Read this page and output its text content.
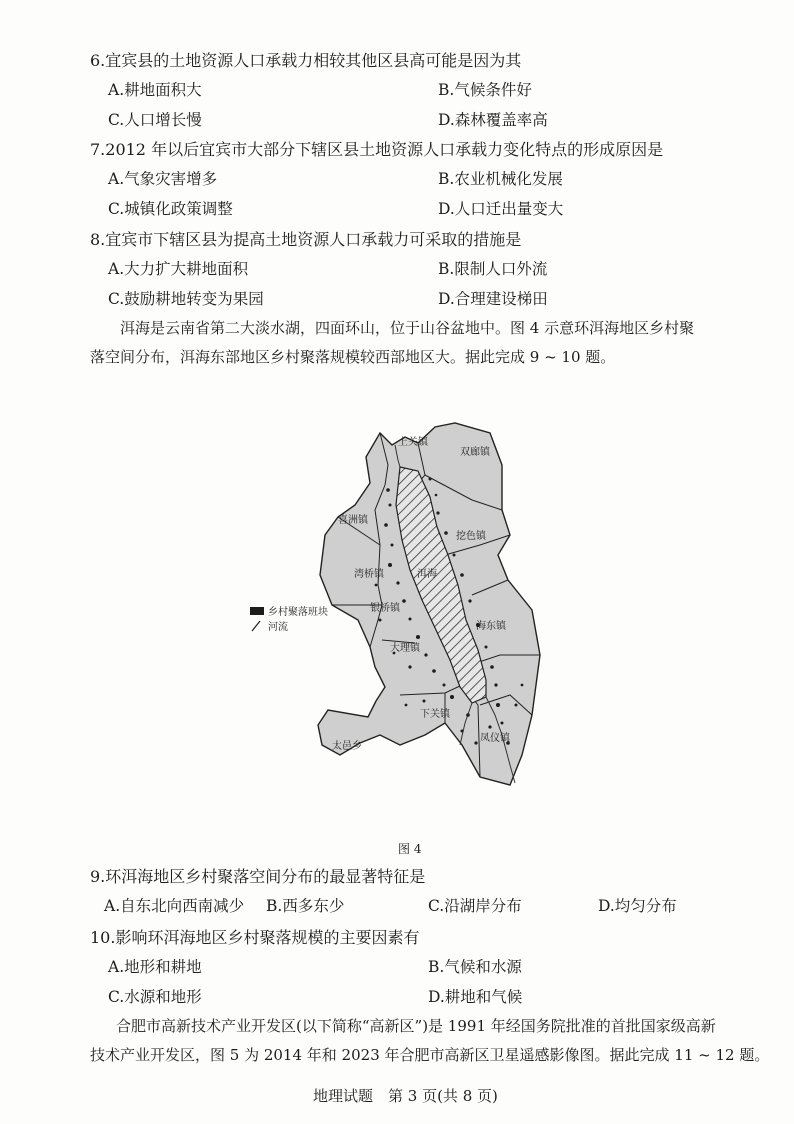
6.宜宾县的土地资源人口承载力相较其他区县高可能是因为其
A.耕地面积大	B.气候条件好
C.人口增长慢	D.森林覆盖率高
7.2012 年以后宜宾市大部分下辖区县土地资源人口承载力变化特点的形成原因是
A.气象灾害增多	B.农业机械化发展
C.城镇化政策调整	D.人口迁出量变大
8.宜宾市下辖区县为提高土地资源人口承载力可采取的措施是
A.大力扩大耕地面积	B.限制人口外流
C.鼓励耕地转变为果园	D.合理建设梯田
洱海是云南省第二大淡水湖，四面环山，位于山谷盆地中。图 4 示意环洱海地区乡村聚
落空间分布，洱海东部地区乡村聚落规模较西部地区大。据此完成 9 ~ 10 题。
上关镇
双廊镇
喜洲镇
挖色镇
湾桥镇	洱海
银桥镇
海东镇
大理镇
下关镇
凤仪镇
太邑乡
乡村聚落班块
河流
图 4
9.环洱海地区乡村聚落空间分布的最显著特征是
A.自东北向西南减少 B.西多东少	C.沿湖岸分布	D.均匀分布
10.影响环洱海地区乡村聚落规模的主要因素有
A.地形和耕地	B.气候和水源
C.水源和地形	D.耕地和气候
合肥市高新技术产业开发区(以下简称“高新区”)是 1991 年经国务院批准的首批国家级高新
技术产业开发区，图 5 为 2014 年和 2023 年合肥市高新区卫星遥感影像图。据此完成 11 ~ 12 题。
地理试题　第 3 页(共 8 页)
